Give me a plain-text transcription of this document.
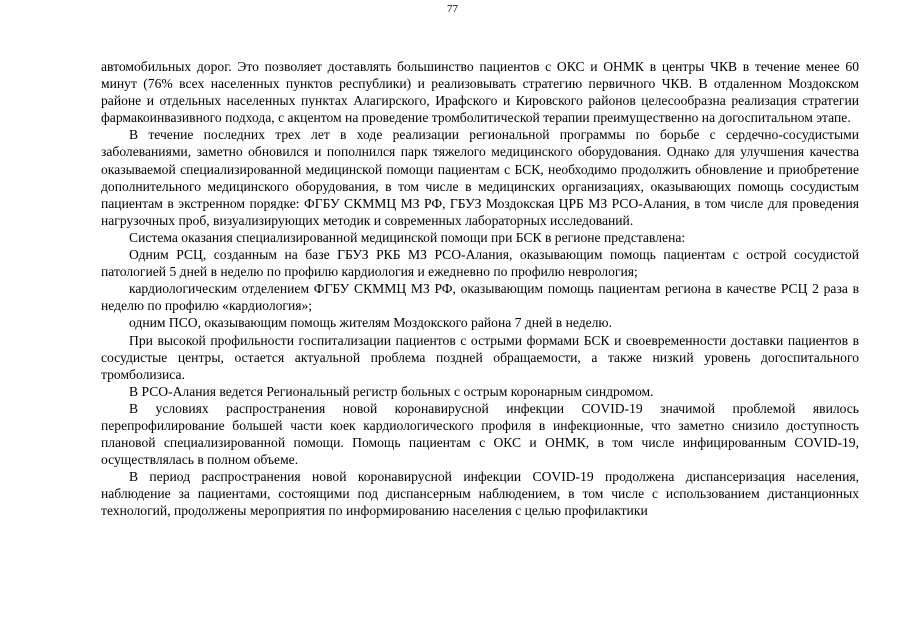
77

автомобильных дорог. Это позволяет доставлять большинство пациентов с ОКС и ОНМК в центры ЧКВ в течение менее 60 минут (76% всех населенных пунктов республики) и реализовывать стратегию первичного ЧКВ. В отдаленном Моздокском районе и отдельных населенных пунктах Алагирского, Ирафского и Кировского районов целесообразна реализация стратегии фармакоинвазивного подхода, с акцентом на проведение тромболитической терапии преимущественно на догоспитальном этапе.

В течение последних трех лет в ходе реализации региональной программы по борьбе с сердечно-сосудистыми заболеваниями, заметно обновился и пополнился парк тяжелого медицинского оборудования. Однако для улучшения качества оказываемой специализированной медицинской помощи пациентам с БСК, необходимо продолжить обновление и приобретение дополнительного медицинского оборудования, в том числе в медицинских организациях, оказывающих помощь сосудистым пациентам в экстренном порядке: ФГБУ СКММЦ МЗ РФ, ГБУЗ Моздокская ЦРБ МЗ РСО-Алания, в том числе для проведения нагрузочных проб, визуализирующих методик и современных лабораторных исследований.

Система оказания специализированной медицинской помощи при БСК в регионе представлена:

Одним РСЦ, созданным на базе ГБУЗ РКБ МЗ РСО-Алания, оказывающим помощь пациентам с острой сосудистой патологией 5 дней в неделю по профилю кардиология и ежедневно по профилю неврология;

кардиологическим отделением ФГБУ СКММЦ МЗ РФ, оказывающим помощь пациентам региона в качестве РСЦ 2 раза в неделю по профилю «кардиология»;

одним ПСО, оказывающим помощь жителям Моздокского района 7 дней в неделю.

При высокой профильности госпитализации пациентов с острыми формами БСК и своевременности доставки пациентов в сосудистые центры, остается актуальной проблема поздней обращаемости, а также низкий уровень догоспитального тромболизиса.

В РСО-Алания ведется Региональный регистр больных с острым коронарным синдромом.

В условиях распространения новой коронавирусной инфекции COVID-19 значимой проблемой явилось перепрофилирование большей части коек кардиологического профиля в инфекционные, что заметно снизило доступность плановой специализированной помощи. Помощь пациентам с ОКС и ОНМК, в том числе инфицированным COVID-19, осуществлялась в полном объеме.

В период распространения новой коронавирусной инфекции COVID-19 продолжена диспансеризация населения, наблюдение за пациентами, состоящими под диспансерным наблюдением, в том числе с использованием дистанционных технологий, продолжены мероприятия по информированию населения с целью профилактики
